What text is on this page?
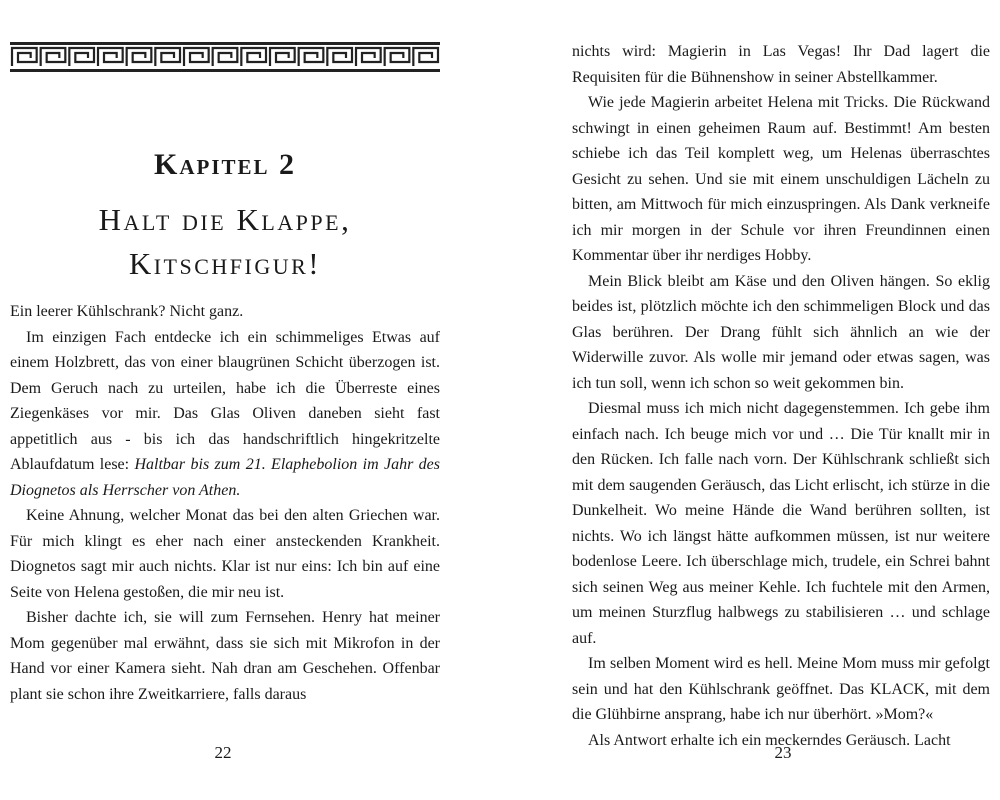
Kapitel 2
Halt die Klappe,
Kitschfigur!

Ein leerer Kühlschrank? Nicht ganz.

Im einzigen Fach entdecke ich ein schimmeliges Etwas auf einem Holzbrett, das von einer blaugrünen Schicht überzogen ist. Dem Geruch nach zu urteilen, habe ich die Überreste eines Ziegenkäses vor mir. Das Glas Oliven daneben sieht fast appetitlich aus - bis ich das handschriftlich hingekritzelte Ablaufdatum lese: Haltbar bis zum 21. Elaphebolion im Jahr des Diognetos als Herrscher von Athen.

Keine Ahnung, welcher Monat das bei den alten Griechen war. Für mich klingt es eher nach einer ansteckenden Krankheit. Diognetos sagt mir auch nichts. Klar ist nur eins: Ich bin auf eine Seite von Helena gestoßen, die mir neu ist.

Bisher dachte ich, sie will zum Fernsehen. Henry hat meiner Mom gegenüber mal erwähnt, dass sie sich mit Mikrofon in der Hand vor einer Kamera sieht. Nah dran am Geschehen. Offenbar plant sie schon ihre Zweitkarriere, falls daraus

22

nichts wird: Magierin in Las Vegas! Ihr Dad lagert die Requisiten für die Bühnenshow in seiner Abstellkammer.

Wie jede Magierin arbeitet Helena mit Tricks. Die Rückwand schwingt in einen geheimen Raum auf. Bestimmt! Am besten schiebe ich das Teil komplett weg, um Helenas überraschtes Gesicht zu sehen. Und sie mit einem unschuldigen Lächeln zu bitten, am Mittwoch für mich einzuspringen. Als Dank verkneife ich mir morgen in der Schule vor ihren Freundinnen einen Kommentar über ihr nerdiges Hobby.

Mein Blick bleibt am Käse und den Oliven hängen. So eklig beides ist, plötzlich möchte ich den schimmeligen Block und das Glas berühren. Der Drang fühlt sich ähnlich an wie der Widerwille zuvor. Als wolle mir jemand oder etwas sagen, was ich tun soll, wenn ich schon so weit gekommen bin.

Diesmal muss ich mich nicht dagegenstemmen. Ich gebe ihm einfach nach. Ich beuge mich vor und … Die Tür knallt mir in den Rücken. Ich falle nach vorn. Der Kühlschrank schließt sich mit dem saugenden Geräusch, das Licht erlischt, ich stürze in die Dunkelheit. Wo meine Hände die Wand berühren sollten, ist nichts. Wo ich längst hätte aufkommen müssen, ist nur weitere bodenlose Leere. Ich überschlage mich, trudele, ein Schrei bahnt sich seinen Weg aus meiner Kehle. Ich fuchtele mit den Armen, um meinen Sturzflug halbwegs zu stabilisieren … und schlage auf.

Im selben Moment wird es hell. Meine Mom muss mir gefolgt sein und hat den Kühlschrank geöffnet. Das KLACK, mit dem die Glühbirne ansprang, habe ich nur überhört. »Mom?«

Als Antwort erhalte ich ein meckerndes Geräusch. Lacht

23
